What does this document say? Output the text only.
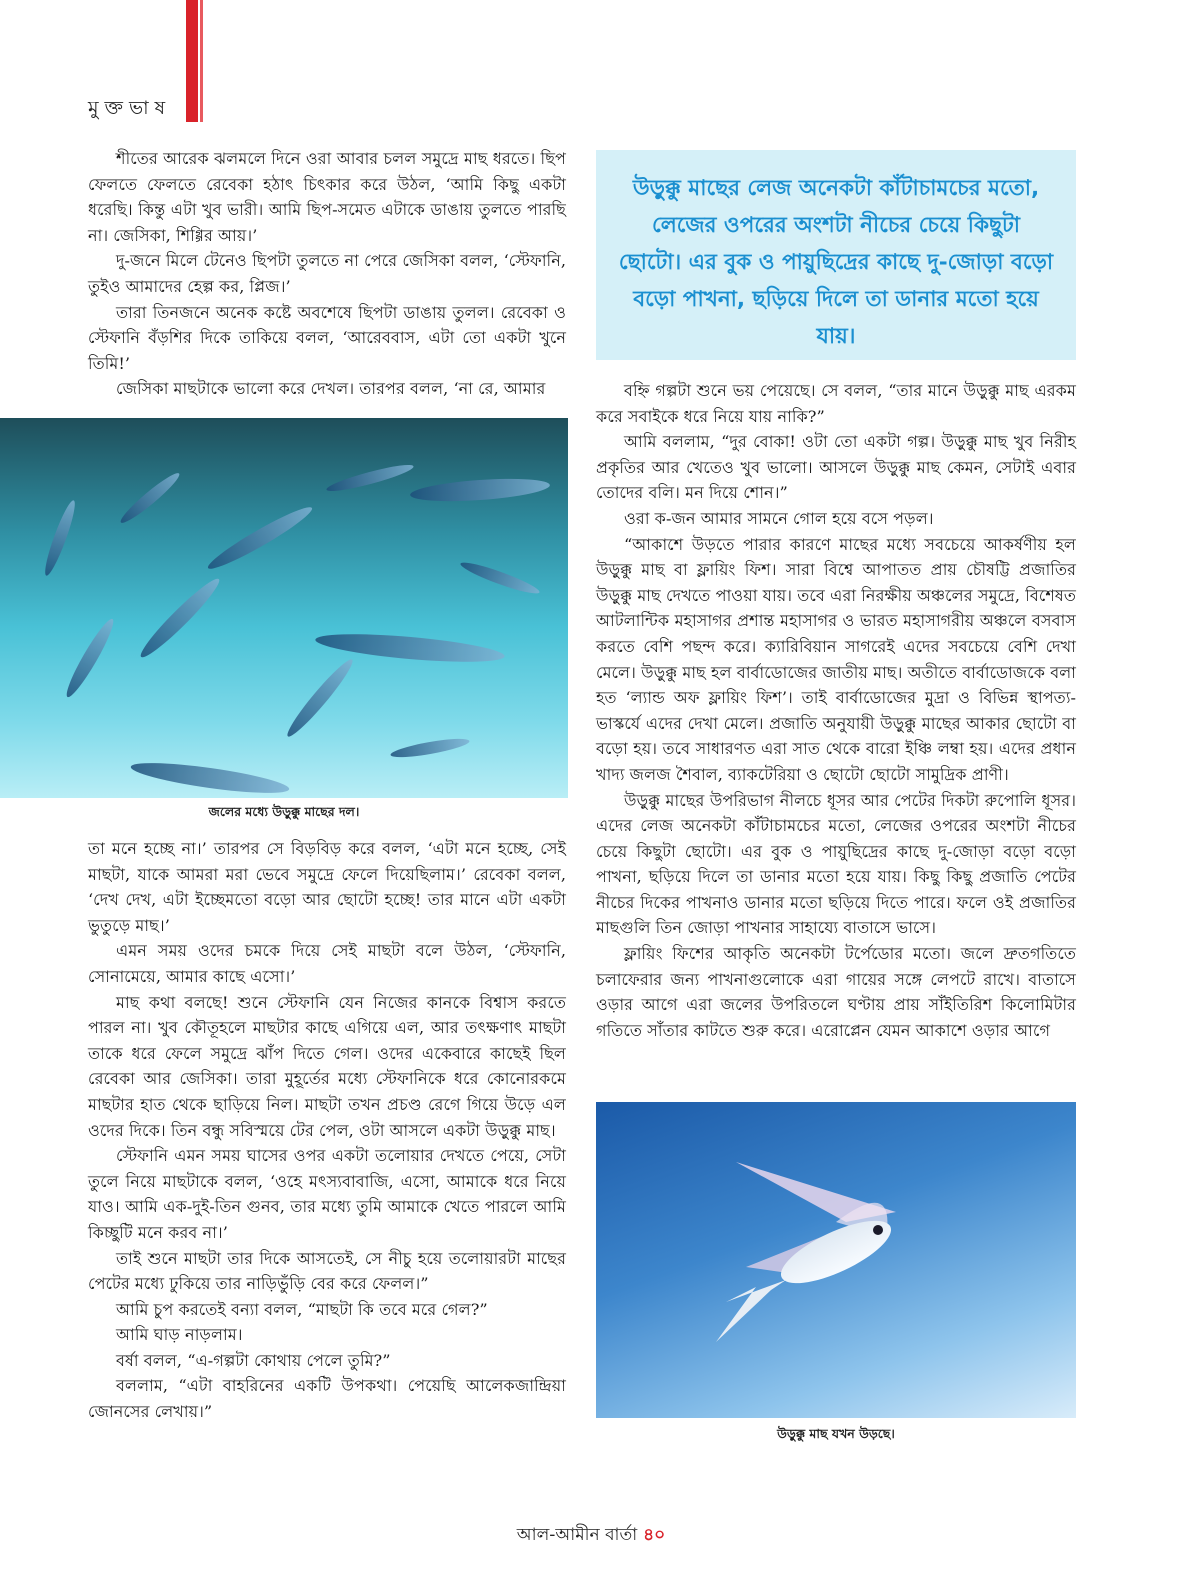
মুক্তভাষ

শীতের আরেক ঝলমলে দিনে ওরা আবার চলল সমুদ্রে মাছ ধরতে। ছিপ ফেলতে ফেলতে রেবেকা হঠাৎ চিৎকার করে উঠল, ‘আমি কিছু একটা ধরেছি। কিন্তু এটা খুব ভারী। আমি ছিপ-সমেত এটাকে ডাঙায় তুলতে পারছি না। জেসিকা, শিগ্গির আয়।’

দু-জনে মিলে টেনেও ছিপটা তুলতে না পেরে জেসিকা বলল, ‘স্টেফানি, তুইও আমাদের হেল্প কর, প্লিজ।’

তারা তিনজনে অনেক কষ্টে অবশেষে ছিপটা ডাঙায় তুলল। রেবেকা ও স্টেফানি বঁড়শির দিকে তাকিয়ে বলল, ‘আরেববাস, এটা তো একটা খুনে তিমি!’

জেসিকা মাছটাকে ভালো করে দেখল। তারপর বলল, ‘না রে, আমার

জলের মধ্যে উড়ুক্কু মাছের দল।

তা মনে হচ্ছে না।’ তারপর সে বিড়বিড় করে বলল, ‘এটা মনে হচ্ছে, সেই মাছটা, যাকে আমরা মরা ভেবে সমুদ্রে ফেলে দিয়েছিলাম।’ রেবেকা বলল, ‘দেখ দেখ, এটা ইচ্ছেমতো বড়ো আর ছোটো হচ্ছে! তার মানে এটা একটা ভুতুড়ে মাছ।’

এমন সময় ওদের চমকে দিয়ে সেই মাছটা বলে উঠল, ‘স্টেফানি, সোনামেয়ে, আমার কাছে এসো।’

মাছ কথা বলছে! শুনে স্টেফানি যেন নিজের কানকে বিশ্বাস করতে পারল না। খুব কৌতূহলে মাছটার কাছে এগিয়ে এল, আর তৎক্ষণাৎ মাছটা তাকে ধরে ফেলে সমুদ্রে ঝাঁপ দিতে গেল। ওদের একেবারে কাছেই ছিল রেবেকা আর জেসিকা। তারা মুহূর্তের মধ্যে স্টেফানিকে ধরে কোনোরকমে মাছটার হাত থেকে ছাড়িয়ে নিল। মাছটা তখন প্রচণ্ড রেগে গিয়ে উড়ে এল ওদের দিকে। তিন বন্ধু সবিস্ময়ে টের পেল, ওটা আসলে একটা উড়ুক্কু মাছ।

স্টেফানি এমন সময় ঘাসের ওপর একটা তলোয়ার দেখতে পেয়ে, সেটা তুলে নিয়ে মাছটাকে বলল, ‘ওহে মৎস্যবাবাজি, এসো, আমাকে ধরে নিয়ে যাও। আমি এক-দুই-তিন গুনব, তার মধ্যে তুমি আমাকে খেতে পারলে আমি কিচ্ছুটি মনে করব না।’

তাই শুনে মাছটা তার দিকে আসতেই, সে নীচু হয়ে তলোয়ারটা মাছের পেটের মধ্যে ঢুকিয়ে তার নাড়িভুঁড়ি বের করে ফেলল।”

আমি চুপ করতেই বন্যা বলল, “মাছটা কি তবে মরে গেল?”

আমি ঘাড় নাড়লাম।

বর্ষা বলল, “এ-গল্পটা কোথায় পেলে তুমি?”

বললাম, “এটা বাহরিনের একটি উপকথা। পেয়েছি আলেকজান্দ্রিয়া জোনসের লেখায়।”

উড়ুক্কু মাছের লেজ অনেকটা কাঁটাচামচের মতো, লেজের ওপরের অংশটা নীচের চেয়ে কিছুটা ছোটো। এর বুক ও পায়ুছিদ্রের কাছে দু-জোড়া বড়ো বড়ো পাখনা, ছড়িয়ে দিলে তা ডানার মতো হয়ে যায়।

বহ্নি গল্পটা শুনে ভয় পেয়েছে। সে বলল, “তার মানে উড়ুক্কু মাছ এরকম করে সবাইকে ধরে নিয়ে যায় নাকি?”

আমি বললাম, “দুর বোকা! ওটা তো একটা গল্প। উড়ুক্কু মাছ খুব নিরীহ প্রকৃতির আর খেতেও খুব ভালো। আসলে উড়ুক্কু মাছ কেমন, সেটাই এবার তোদের বলি। মন দিয়ে শোন।”

ওরা ক-জন আমার সামনে গোল হয়ে বসে পড়ল।

“আকাশে উড়তে পারার কারণে মাছের মধ্যে সবচেয়ে আকর্ষণীয় হল উড়ুক্কু মাছ বা ফ্লায়িং ফিশ। সারা বিশ্বে আপাতত প্রায় চৌষট্টি প্রজাতির উড়ুক্কু মাছ দেখতে পাওয়া যায়। তবে এরা নিরক্ষীয় অঞ্চলের সমুদ্রে, বিশেষত আটলান্টিক মহাসাগর প্রশান্ত মহাসাগর ও ভারত মহাসাগরীয় অঞ্চলে বসবাস করতে বেশি পছন্দ করে। ক্যারিবিয়ান সাগরেই এদের সবচেয়ে বেশি দেখা মেলে। উড়ুক্কু মাছ হল বার্বাডোজের জাতীয় মাছ। অতীতে বার্বাডোজকে বলা হত ‘ল্যান্ড অফ ফ্লায়িং ফিশ’। তাই বার্বাডোজের মুদ্রা ও বিভিন্ন স্থাপত্য-ভাস্কর্যে এদের দেখা মেলে। প্রজাতি অনুযায়ী উড়ুক্কু মাছের আকার ছোটো বা বড়ো হয়। তবে সাধারণত এরা সাত থেকে বারো ইঞ্চি লম্বা হয়। এদের প্রধান খাদ্য জলজ শৈবাল, ব্যাকটেরিয়া ও ছোটো ছোটো সামুদ্রিক প্রাণী।

উড়ুক্কু মাছের উপরিভাগ নীলচে ধূসর আর পেটের দিকটা রুপোলি ধূসর। এদের লেজ অনেকটা কাঁটাচামচের মতো, লেজের ওপরের অংশটা নীচের চেয়ে কিছুটা ছোটো। এর বুক ও পায়ুছিদ্রের কাছে দু-জোড়া বড়ো বড়ো পাখনা, ছড়িয়ে দিলে তা ডানার মতো হয়ে যায়। কিছু কিছু প্রজাতি পেটের নীচের দিকের পাখনাও ডানার মতো ছড়িয়ে দিতে পারে। ফলে ওই প্রজাতির মাছগুলি তিন জোড়া পাখনার সাহায্যে বাতাসে ভাসে।

ফ্লায়িং ফিশের আকৃতি অনেকটা টর্পেডোর মতো। জলে দ্রুতগতিতে চলাফেরার জন্য পাখনাগুলোকে এরা গায়ের সঙ্গে লেপটে রাখে। বাতাসে ওড়ার আগে এরা জলের উপরিতলে ঘণ্টায় প্রায় সাঁইতিরিশ কিলোমিটার গতিতে সাঁতার কাটতে শুরু করে। এরোপ্লেন যেমন আকাশে ওড়ার আগে

উড়ুক্কু মাছ যখন উড়ছে।
আল-আমীন বার্তা ৪০
